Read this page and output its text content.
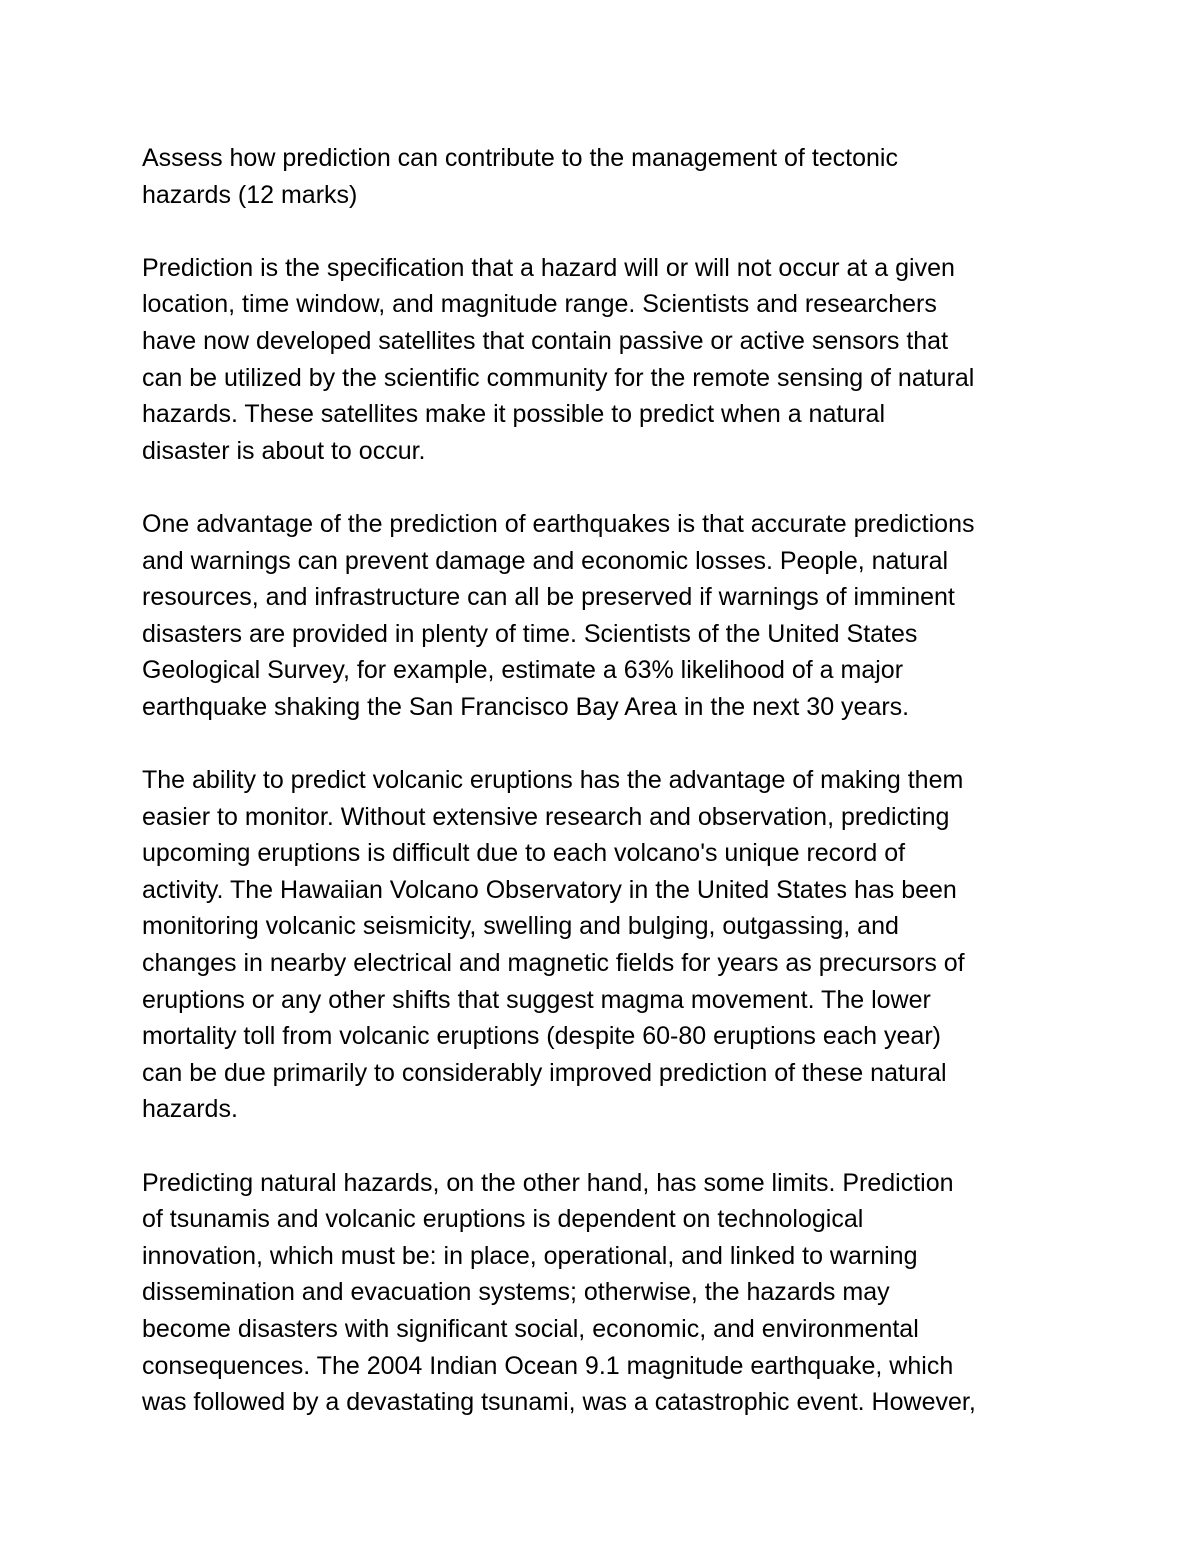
Assess how prediction can contribute to the management of tectonic
hazards (12 marks)
Prediction is the specification that a hazard will or will not occur at a given
location, time window, and magnitude range. Scientists and researchers
have now developed satellites that contain passive or active sensors that
can be utilized by the scientific community for the remote sensing of natural
hazards. These satellites make it possible to predict when a natural
disaster is about to occur.
One advantage of the prediction of earthquakes is that accurate predictions
and warnings can prevent damage and economic losses. People, natural
resources, and infrastructure can all be preserved if warnings of imminent
disasters are provided in plenty of time. Scientists of the United States
Geological Survey, for example, estimate a 63% likelihood of a major
earthquake shaking the San Francisco Bay Area in the next 30 years.
The ability to predict volcanic eruptions has the advantage of making them
easier to monitor. Without extensive research and observation, predicting
upcoming eruptions is difficult due to each volcano's unique record of
activity. The Hawaiian Volcano Observatory in the United States has been
monitoring volcanic seismicity, swelling and bulging, outgassing, and
changes in nearby electrical and magnetic fields for years as precursors of
eruptions or any other shifts that suggest magma movement. The lower
mortality toll from volcanic eruptions (despite 60-80 eruptions each year)
can be due primarily to considerably improved prediction of these natural
hazards.
Predicting natural hazards, on the other hand, has some limits. Prediction
of tsunamis and volcanic eruptions is dependent on technological
innovation, which must be: in place, operational, and linked to warning
dissemination and evacuation systems; otherwise, the hazards may
become disasters with significant social, economic, and environmental
consequences. The 2004 Indian Ocean 9.1 magnitude earthquake, which
was followed by a devastating tsunami, was a catastrophic event. However,
